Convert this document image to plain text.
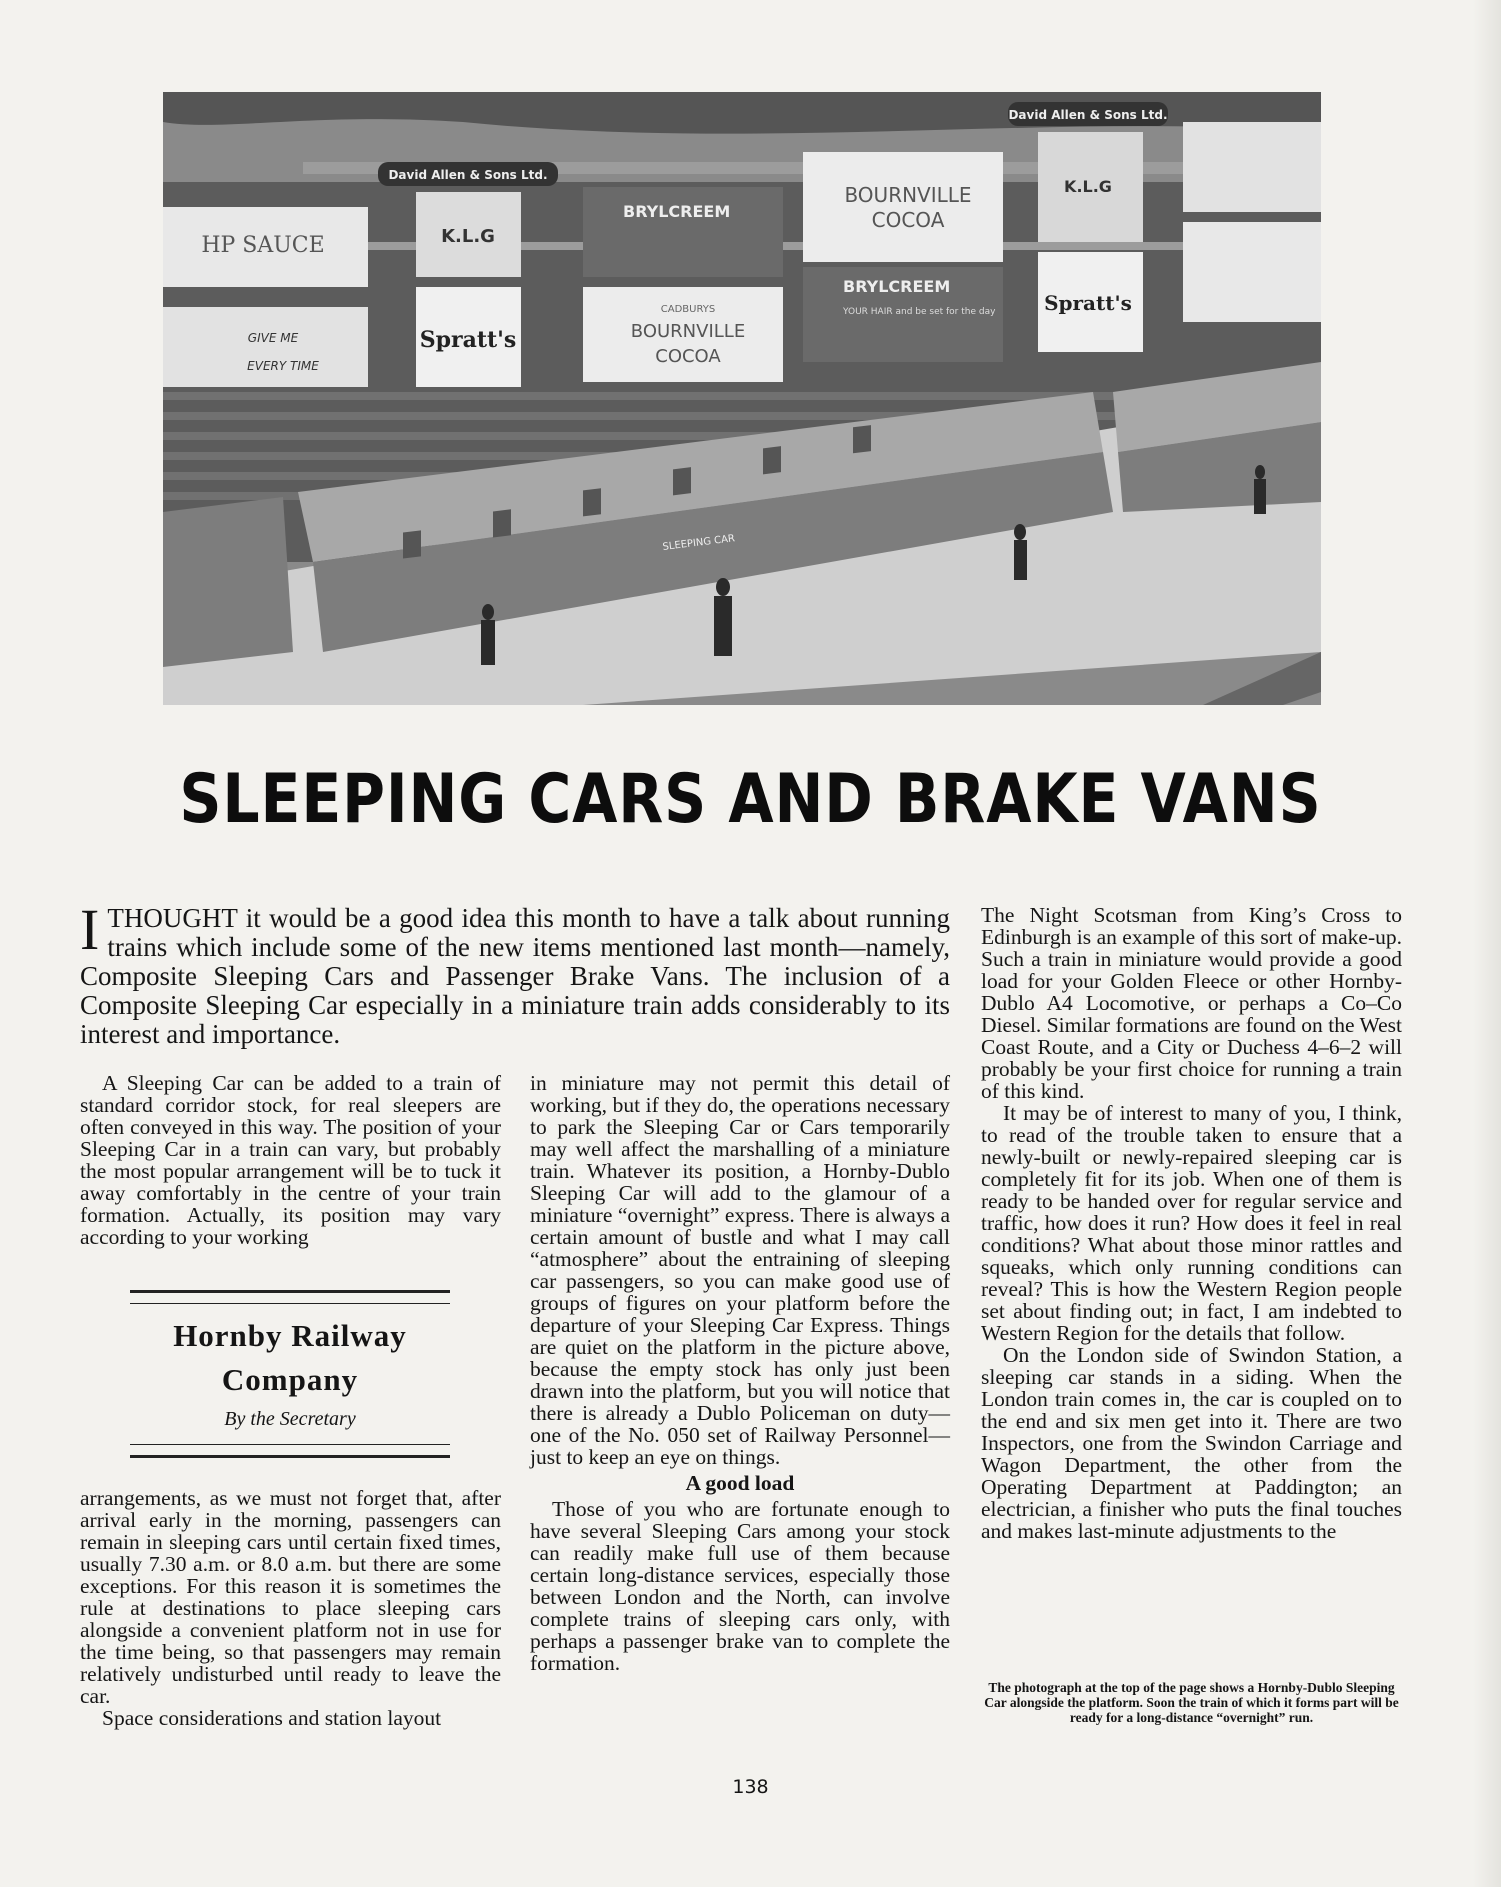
David Allen & Sons Ltd.
David Allen & Sons Ltd.
HP SAUCE
GIVE ME
EVERY TIME
K.L.G
Spratt's
BRYLCREEM
CADBURYS
BOURNVILLE
COCOA
BOURNVILLE
COCOA
BRYLCREEM
YOUR HAIR and be set for the day
K.L.G
Spratt's
SLEEPING CAR
SLEEPING CARS AND BRAKE VANS
I THOUGHT it would be a good idea this month to have a talk about running trains which include some of the new items mentioned last month—namely, Composite Sleeping Cars and Passenger Brake Vans. The inclusion of a Composite Sleeping Car especially in a miniature train adds considerably to its interest and importance.

A Sleeping Car can be added to a train of standard corridor stock, for real sleepers are often conveyed in this way. The position of your Sleeping Car in a train can vary, but probably the most popular arrangement will be to tuck it away comfortably in the centre of your train formation. Actually, its position may vary according to your working

Hornby Railway
Company
By the Secretary

arrangements, as we must not forget that, after arrival early in the morning, passengers can remain in sleeping cars until certain fixed times, usually 7.30 a.m. or 8.0 a.m. but there are some exceptions. For this reason it is sometimes the rule at destinations to place sleeping cars alongside a convenient platform not in use for the time being, so that passengers may remain relatively undisturbed until ready to leave the car.

Space considerations and station layout

in miniature may not permit this detail of working, but if they do, the operations necessary to park the Sleeping Car or Cars temporarily may well affect the marshalling of a miniature train. Whatever its position, a Hornby-Dublo Sleeping Car will add to the glamour of a miniature “overnight” express. There is always a certain amount of bustle and what I may call “atmosphere” about the entraining of sleeping car passengers, so you can make good use of groups of figures on your platform before the departure of your Sleeping Car Express. Things are quiet on the platform in the picture above, because the empty stock has only just been drawn into the platform, but you will notice that there is already a Dublo Policeman on duty—one of the No. 050 set of Railway Personnel—just to keep an eye on things.

A good load

Those of you who are fortunate enough to have several Sleeping Cars among your stock can readily make full use of them because certain long-distance services, especially those between London and the North, can involve complete trains of sleeping cars only, with perhaps a passenger brake van to complete the formation.

The Night Scotsman from King’s Cross to Edinburgh is an example of this sort of make-up. Such a train in miniature would provide a good load for your Golden Fleece or other Hornby-Dublo A4 Locomotive, or perhaps a Co–Co Diesel. Similar formations are found on the West Coast Route, and a City or Duchess 4–6–2 will probably be your first choice for running a train of this kind.

It may be of interest to many of you, I think, to read of the trouble taken to ensure that a newly-built or newly-repaired sleeping car is completely fit for its job. When one of them is ready to be handed over for regular service and traffic, how does it run? How does it feel in real conditions? What about those minor rattles and squeaks, which only running conditions can reveal? This is how the Western Region people set about finding out; in fact, I am indebted to Western Region for the details that follow.

On the London side of Swindon Station, a sleeping car stands in a siding. When the London train comes in, the car is coupled on to the end and six men get into it. There are two Inspectors, one from the Swindon Carriage and Wagon Department, the other from the Operating Department at Paddington; an electrician, a finisher who puts the final touches and makes last-minute adjustments to the

The photograph at the top of the page shows a Hornby-Dublo Sleeping Car alongside the platform. Soon the train of which it forms part will be ready for a long-distance “overnight” run.
138
